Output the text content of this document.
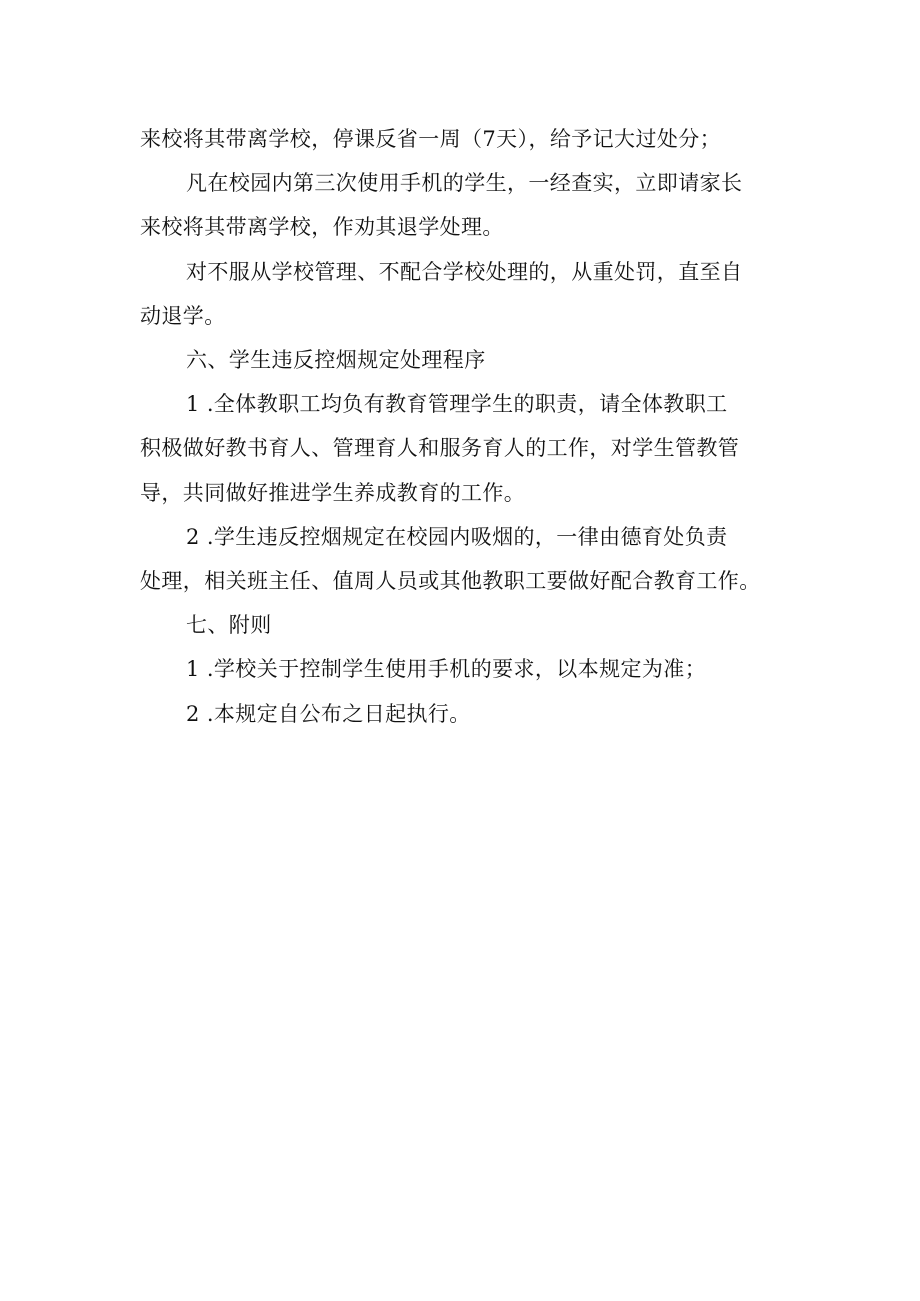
来校将其带离学校，停课反省一周（7天），给予记大过处分；
凡在校园内第三次使用手机的学生，一经查实，立即请家长
来校将其带离学校，作劝其退学处理。
对不服从学校管理、不配合学校处理的，从重处罚，直至自
动退学。
六、学生违反控烟规定处理程序
1 .全体教职工均负有教育管理学生的职责，请全体教职工
积极做好教书育人、管理育人和服务育人的工作，对学生管教管
导，共同做好推进学生养成教育的工作。
2 .学生违反控烟规定在校园内吸烟的，一律由德育处负责
处理，相关班主任、值周人员或其他教职工要做好配合教育工作。
七、附则
1 .学校关于控制学生使用手机的要求，以本规定为准；
2 .本规定自公布之日起执行。
